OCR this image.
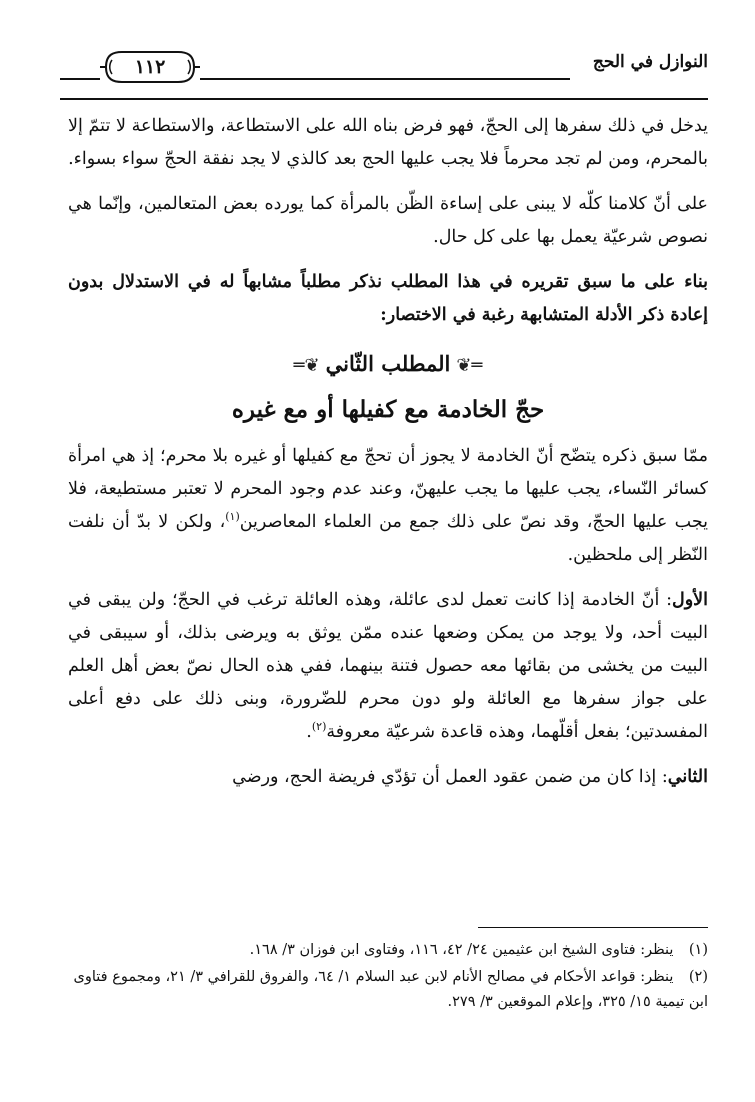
النوازل في الحج
١١٢

يدخل في ذلك سفرها إلى الحجّ، فهو فرض بناه الله على الاستطاعة، والاستطاعة لا تتمّ إلا بالمحرم، ومن لم تجد محرماً فلا يجب عليها الحج بعد كالذي لا يجد نفقة الحجّ سواء بسواء.

على أنّ كلامنا كلّه لا يبنى على إساءة الظّن بالمرأة كما يورده بعض المتعالمين، وإنّما هي نصوص شرعيّة يعمل بها على كل حال.

بناء على ما سبق تقريره في هذا المطلب نذكر مطلباً مشابهاً له في الاستدلال بدون إعادة ذكر الأدلة المتشابهة رغبة في الاختصار:

═❦المطلب الثّاني❦═
حجّ الخادمة مع كفيلها أو مع غيره

ممّا سبق ذكره يتضّح أنّ الخادمة لا يجوز أن تحجّ مع كفيلها أو غيره بلا محرم؛ إذ هي امرأة كسائر النّساء، يجب عليها ما يجب عليهنّ، وعند عدم وجود المحرم لا تعتبر مستطيعة، فلا يجب عليها الحجّ، وقد نصّ على ذلك جمع من العلماء المعاصرين$^{(١)}$، ولكن لا بدّ أن نلفت النّظر إلى ملحظين.

الأول: أنّ الخادمة إذا كانت تعمل لدى عائلة، وهذه العائلة ترغب في الحجّ؛ ولن يبقى في البيت أحد، ولا يوجد من يمكن وضعها عنده ممّن يوثق به ويرضى بذلك، أو سيبقى في البيت من يخشى من بقائها معه حصول فتنة بينهما، ففي هذه الحال نصّ بعض أهل العلم على جواز سفرها مع العائلة ولو دون محرم للضّرورة، وبنى ذلك على دفع أعلى المفسدتين؛ بفعل أقلّهما، وهذه قاعدة شرعيّة معروفة$^{(٢)}$.

الثاني: إذا كان من ضمن عقود العمل أن تؤدّي فريضة الحج، ورضي

(١) ينظر: فتاوى الشيخ ابن عثيمين ٢٤/ ٤٢، ١١٦، وفتاوى ابن فوزان ٣/ ١٦٨.
(٢) ينظر: قواعد الأحكام في مصالح الأنام لابن عبد السلام ١/ ٦٤، والفروق للقرافي ٣/ ٢١، ومجموع فتاوى ابن تيمية ١٥/ ٣٢٥، وإعلام الموقعين ٣/ ٢٧٩.
